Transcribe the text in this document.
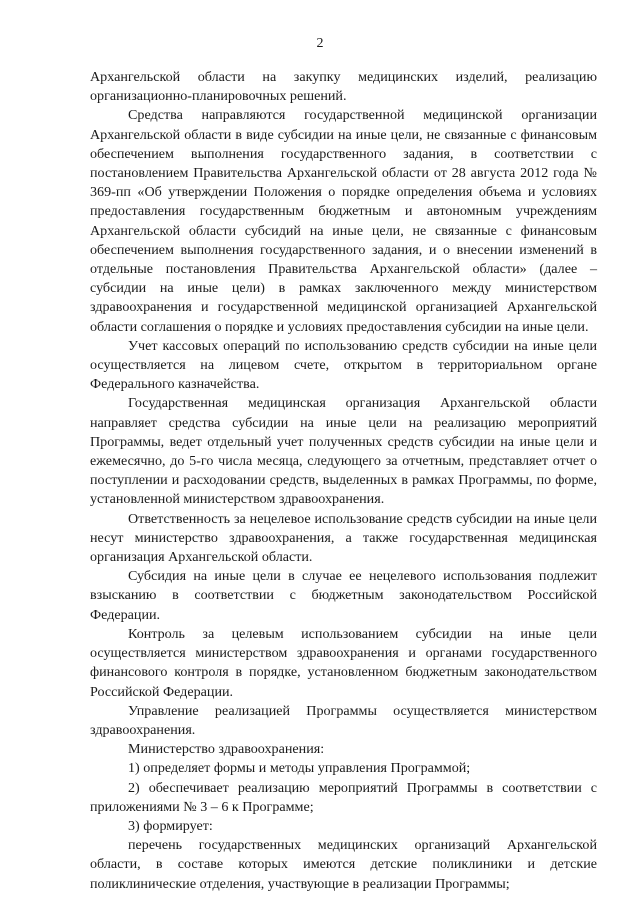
2

Архангельской области на закупку медицинских изделий, реализацию организационно-планировочных решений.

Средства направляются государственной медицинской организации Архангельской области в виде субсидии на иные цели, не связанные с финансовым обеспечением выполнения государственного задания, в соответствии с постановлением Правительства Архангельской области от 28 августа 2012 года № 369-пп «Об утверждении Положения о порядке определения объема и условиях предоставления государственным бюджетным и автономным учреждениям Архангельской области субсидий на иные цели, не связанные с финансовым обеспечением выполнения государственного задания, и о внесении изменений в отдельные постановления Правительства Архангельской области» (далее – субсидии на иные цели) в рамках заключенного между министерством здравоохранения и государственной медицинской организацией Архангельской области соглашения о порядке и условиях предоставления субсидии на иные цели.

Учет кассовых операций по использованию средств субсидии на иные цели осуществляется на лицевом счете, открытом в территориальном органе Федерального казначейства.

Государственная медицинская организация Архангельской области направляет средства субсидии на иные цели на реализацию мероприятий Программы, ведет отдельный учет полученных средств субсидии на иные цели и ежемесячно, до 5-го числа месяца, следующего за отчетным, представляет отчет о поступлении и расходовании средств, выделенных в рамках Программы, по форме, установленной министерством здравоохранения.

Ответственность за нецелевое использование средств субсидии на иные цели несут министерство здравоохранения, а также государственная медицинская организация Архангельской области.

Субсидия на иные цели в случае ее нецелевого использования подлежит взысканию в соответствии с бюджетным законодательством Российской Федерации.

Контроль за целевым использованием субсидии на иные цели осуществляется министерством здравоохранения и органами государственного финансового контроля в порядке, установленном бюджетным законодательством Российской Федерации.

Управление реализацией Программы осуществляется министерством здравоохранения.

Министерство здравоохранения:

1) определяет формы и методы управления Программой;

2) обеспечивает реализацию мероприятий Программы в соответствии с приложениями № 3 – 6 к Программе;

3) формирует:

перечень государственных медицинских организаций Архангельской области, в составе которых имеются детские поликлиники и детские поликлинические отделения, участвующие в реализации Программы;
